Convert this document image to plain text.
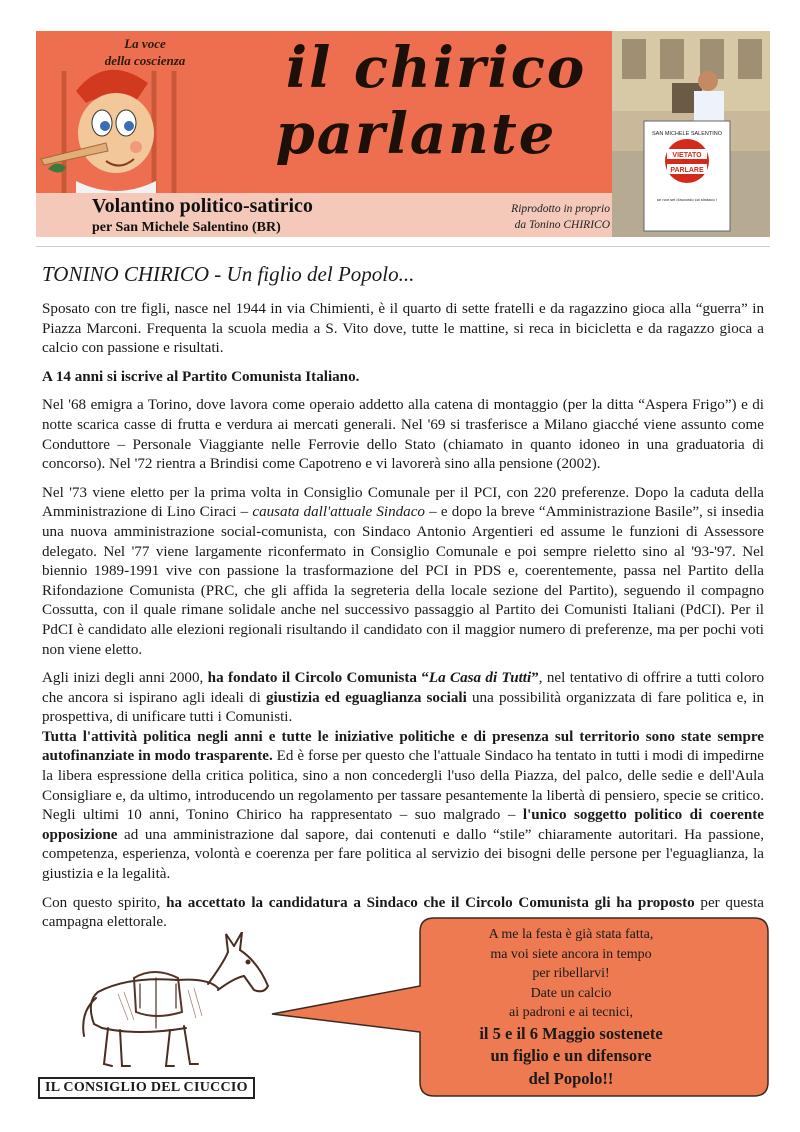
La voce
della coscienza	il chirico
parlante
Volantino politico-satirico
per San Michele Salentino (BR)
Riprodotto in proprio
da Tonino CHIRICO
SAN MICHELE SALENTINO
VIETATO
PARLARE
se non sei d'accordo col sindaco !
TONINO CHIRICO - Un figlio del Popolo...

Sposato con tre figli, nasce nel 1944 in via Chimienti, è il quarto di sette fratelli e da ragazzino gioca alla “guerra” in Piazza Marconi. Frequenta la scuola media a S. Vito dove, tutte le mattine, si reca in bicicletta e da ragazzo gioca a calcio con passione e risultati.

A 14 anni si iscrive al Partito Comunista Italiano.

Nel '68 emigra a Torino, dove lavora come operaio addetto alla catena di montaggio (per la ditta “Aspera Frigo”) e di notte scarica casse di frutta e verdura ai mercati generali. Nel '69 si trasferisce a Milano giacché viene assunto come Conduttore – Personale Viaggiante nelle Ferrovie dello Stato (chiamato in quanto idoneo in una graduatoria di concorso). Nel '72 rientra a Brindisi come Capotreno e vi lavorerà sino alla pensione (2002).

Nel '73 viene eletto per la prima volta in Consiglio Comunale per il PCI, con 220 preferenze. Dopo la caduta della Amministrazione di Lino Ciraci – causata dall'attuale Sindaco – e dopo la breve “Amministrazione Basile”, si insedia una nuova amministrazione social-comunista, con Sindaco Antonio Argentieri ed assume le funzioni di Assessore delegato. Nel '77 viene largamente riconfermato in Consiglio Comunale e poi sempre rieletto sino al '93-'97. Nel biennio 1989-1991 vive con passione la trasformazione del PCI in PDS e, coerentemente, passa nel Partito della Rifondazione Comunista (PRC, che gli affida la segreteria della locale sezione del Partito), seguendo il compagno Cossutta, con il quale rimane solidale anche nel successivo passaggio al Partito dei Comunisti Italiani (PdCI). Per il PdCI è candidato alle elezioni regionali risultando il candidato con il maggior numero di preferenze, ma per pochi voti non viene eletto.

Agli inizi degli anni 2000, ha fondato il Circolo Comunista “La Casa di Tutti”, nel tentativo di offrire a tutti coloro che ancora si ispirano agli ideali di giustizia ed eguaglianza sociali una possibilità organizzata di fare politica e, in prospettiva, di unificare tutti i Comunisti.

Tutta l'attività politica negli anni e tutte le iniziative politiche e di presenza sul territorio sono state sempre autofinanziate in modo trasparente. Ed è forse per questo che l'attuale Sindaco ha tentato in tutti i modi di impedirne la libera espressione della critica politica, sino a non concedergli l'uso della Piazza, del palco, delle sedie e dell'Aula Consigliare e, da ultimo, introducendo un regolamento per tassare pesantemente la libertà di pensiero, specie se critico. Negli ultimi 10 anni, Tonino Chirico ha rappresentato – suo malgrado – l'unico soggetto politico di coerente opposizione ad una amministrazione dal sapore, dai contenuti e dallo “stile” chiaramente autoritari. Ha passione, competenza, esperienza, volontà e coerenza per fare politica al servizio dei bisogni delle persone per l'eguaglianza, la giustizia e la legalità.

Con questo spirito, ha accettato la candidatura a Sindaco che il Circolo Comunista gli ha proposto per questa campagna elettorale.

IL CONSIGLIO DEL CIUCCIO
A me la festa è già stata fatta,
ma voi siete ancora in tempo
per ribellarvi!
Date un calcio
ai padroni e ai tecnici,
il 5 e il 6 Maggio sostenete
un figlio e un difensore
del Popolo!!
